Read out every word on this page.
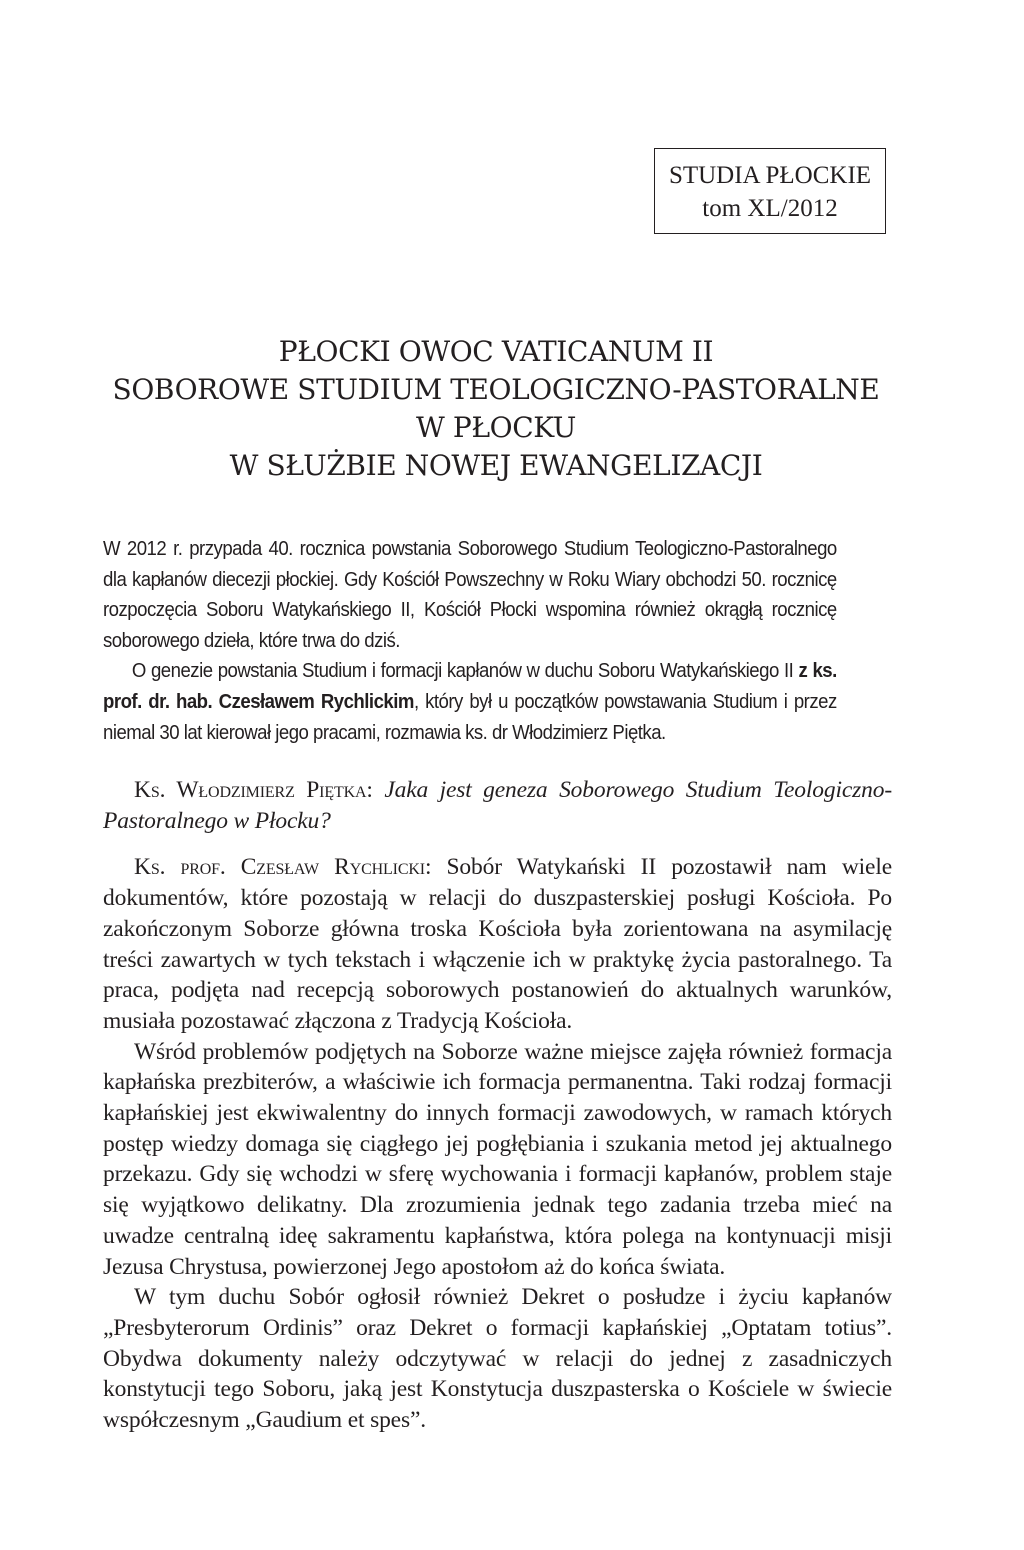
STUDIA PŁOCKIE
tom XL/2012
PŁOCKI OWOC VATICANUM II
SOBOROWE STUDIUM TEOLOGICZNO-PASTORALNE
W PŁOCKU
W SŁUŻBIE NOWEJ EWANGELIZACJI

W 2012 r. przypada 40. rocznica powstania Soborowego Studium Teologiczno-Pastoralnego dla kapłanów diecezji płockiej. Gdy Kościół Powszechny w Roku Wiary obchodzi 50. rocznicę rozpoczęcia Soboru Watykańskiego II, Kościół Płocki wspomina również okrągłą rocznicę soborowego dzieła, które trwa do dziś.

O genezie powstania Studium i formacji kapłanów w duchu Soboru Watykańskiego II z ks. prof. dr. hab. Czesławem Rychlickim, który był u początków powstawania Studium i przez niemal 30 lat kierował jego pracami, rozmawia ks. dr Włodzimierz Piętka.

Ks. Włodzimierz Piętka: Jaka jest geneza Soborowego Studium Teologiczno-Pastoralnego w Płocku?

Ks. prof. Czesław Rychlicki: Sobór Watykański II pozostawił nam wiele dokumentów, które pozostają w relacji do duszpasterskiej posługi Kościoła. Po zakończonym Soborze główna troska Kościoła była zorientowana na asymilację treści zawartych w tych tekstach i włączenie ich w praktykę życia pastoralnego. Ta praca, podjęta nad recepcją soborowych postanowień do aktualnych warunków, musiała pozostawać złączona z Tradycją Kościoła.

Wśród problemów podjętych na Soborze ważne miejsce zajęła również formacja kapłańska prezbiterów, a właściwie ich formacja permanentna. Taki rodzaj formacji kapłańskiej jest ekwiwalentny do innych formacji zawodowych, w ramach których postęp wiedzy domaga się ciągłego jej pogłębiania i szukania metod jej aktualnego przekazu. Gdy się wchodzi w sferę wychowania i formacji kapłanów, problem staje się wyjątkowo delikatny. Dla zrozumienia jednak tego zadania trzeba mieć na uwadze centralną ideę sakramentu kapłaństwa, która polega na kontynuacji misji Jezusa Chrystusa, powierzonej Jego apostołom aż do końca świata.

W tym duchu Sobór ogłosił również Dekret o posłudze i życiu kapłanów „Presbyterorum Ordinis” oraz Dekret o formacji kapłańskiej „Optatam totius”. Obydwa dokumenty należy odczytywać w relacji do jednej z zasadniczych konstytucji tego Soboru, jaką jest Konstytucja duszpasterska o Kościele w świecie współczesnym „Gaudium et spes”.
